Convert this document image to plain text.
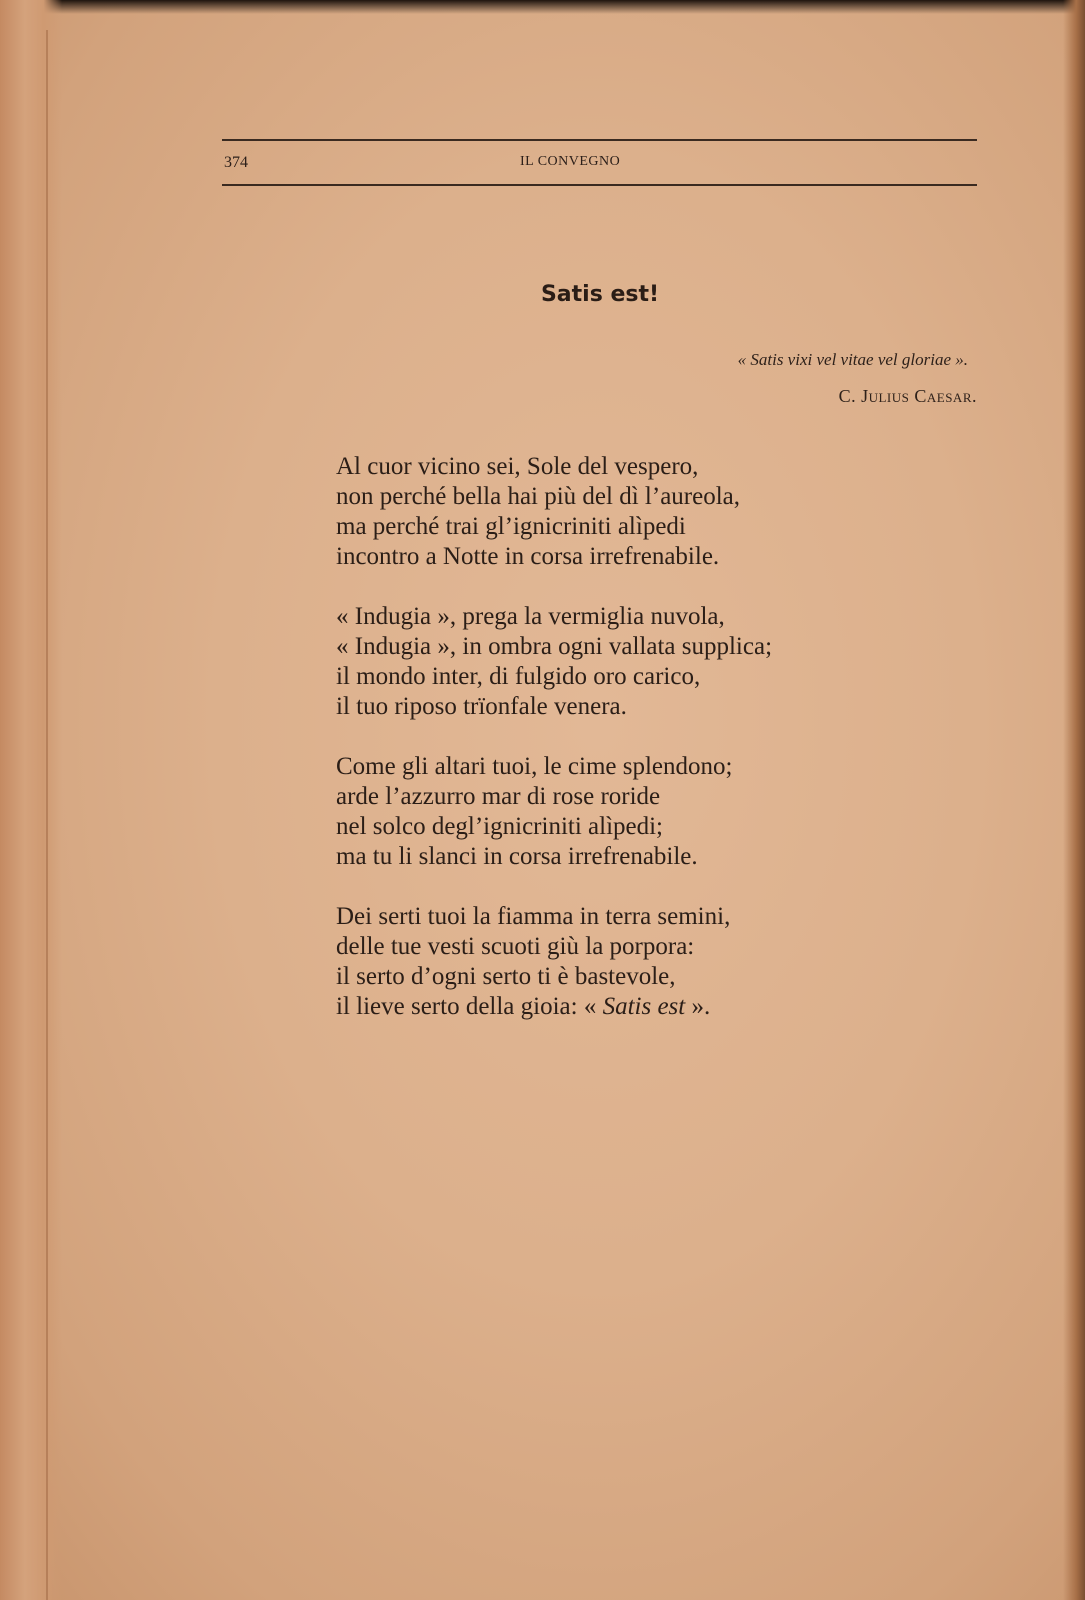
374	IL CONVEGNO
Satis est!
« Satis vixi vel vitae vel gloriae ».
C. Julius Caesar.
Al cuor vicino sei, Sole del vespero,
non perché bella hai più del dì l’aureola,
ma perché trai gl’ignicriniti alìpedi
incontro a Notte in corsa irrefrenabile.
« Indugia », prega la vermiglia nuvola,
« Indugia », in ombra ogni vallata supplica;
il mondo inter, di fulgido oro carico,
il tuo riposo trïonfale venera.
Come gli altari tuoi, le cime splendono;
arde l’azzurro mar di rose roride
nel solco degl’ignicriniti alìpedi;
ma tu li slanci in corsa irrefrenabile.
Dei serti tuoi la fiamma in terra semini,
delle tue vesti scuoti giù la porpora:
il serto d’ogni serto ti è bastevole,
il lieve serto della gioia: « Satis est ».
